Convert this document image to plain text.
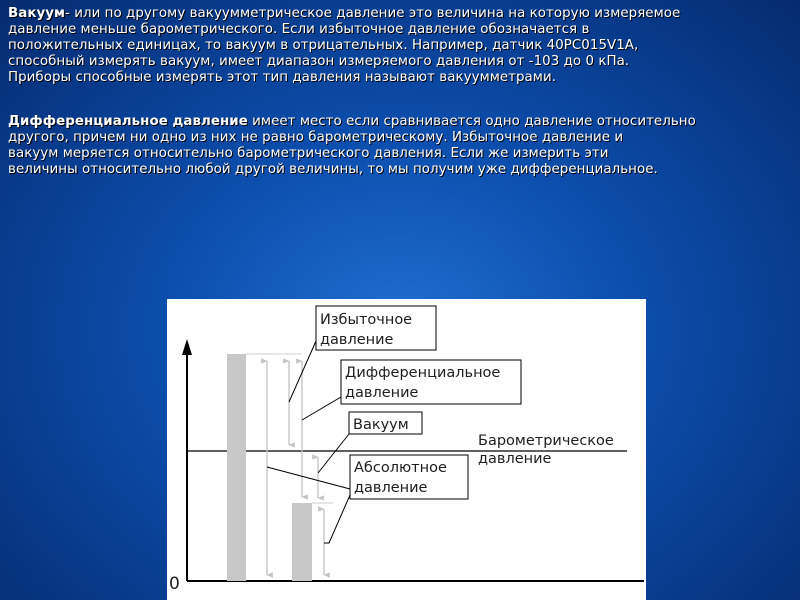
Вакуум- или по другому вакуумметрическое давление это величина на которую измеряемое
давление меньше барометрического. Если избыточное давление обозначается в
положительных единицах, то вакуум в отрицательных. Например, датчик 40PC015V1A,
способный измерять вакуум, имеет диапазон измеряемого давления от -103 до 0 кПа.
Приборы способные измерять этот тип давления называют вакуумметрами.
Дифференциальное давление имеет место если сравнивается одно давление относительно
другого, причем ни одно из них не равно барометрическому. Избыточное давление и
вакуум меряется относительно барометрического давления. Если же измерить эти
величины относительно любой другой величины, то мы получим уже дифференциальное.
0
Избыточное
давление
Дифференциальное
давление
Вакуум
Барометрическое
давление
Абсолютное
давление
